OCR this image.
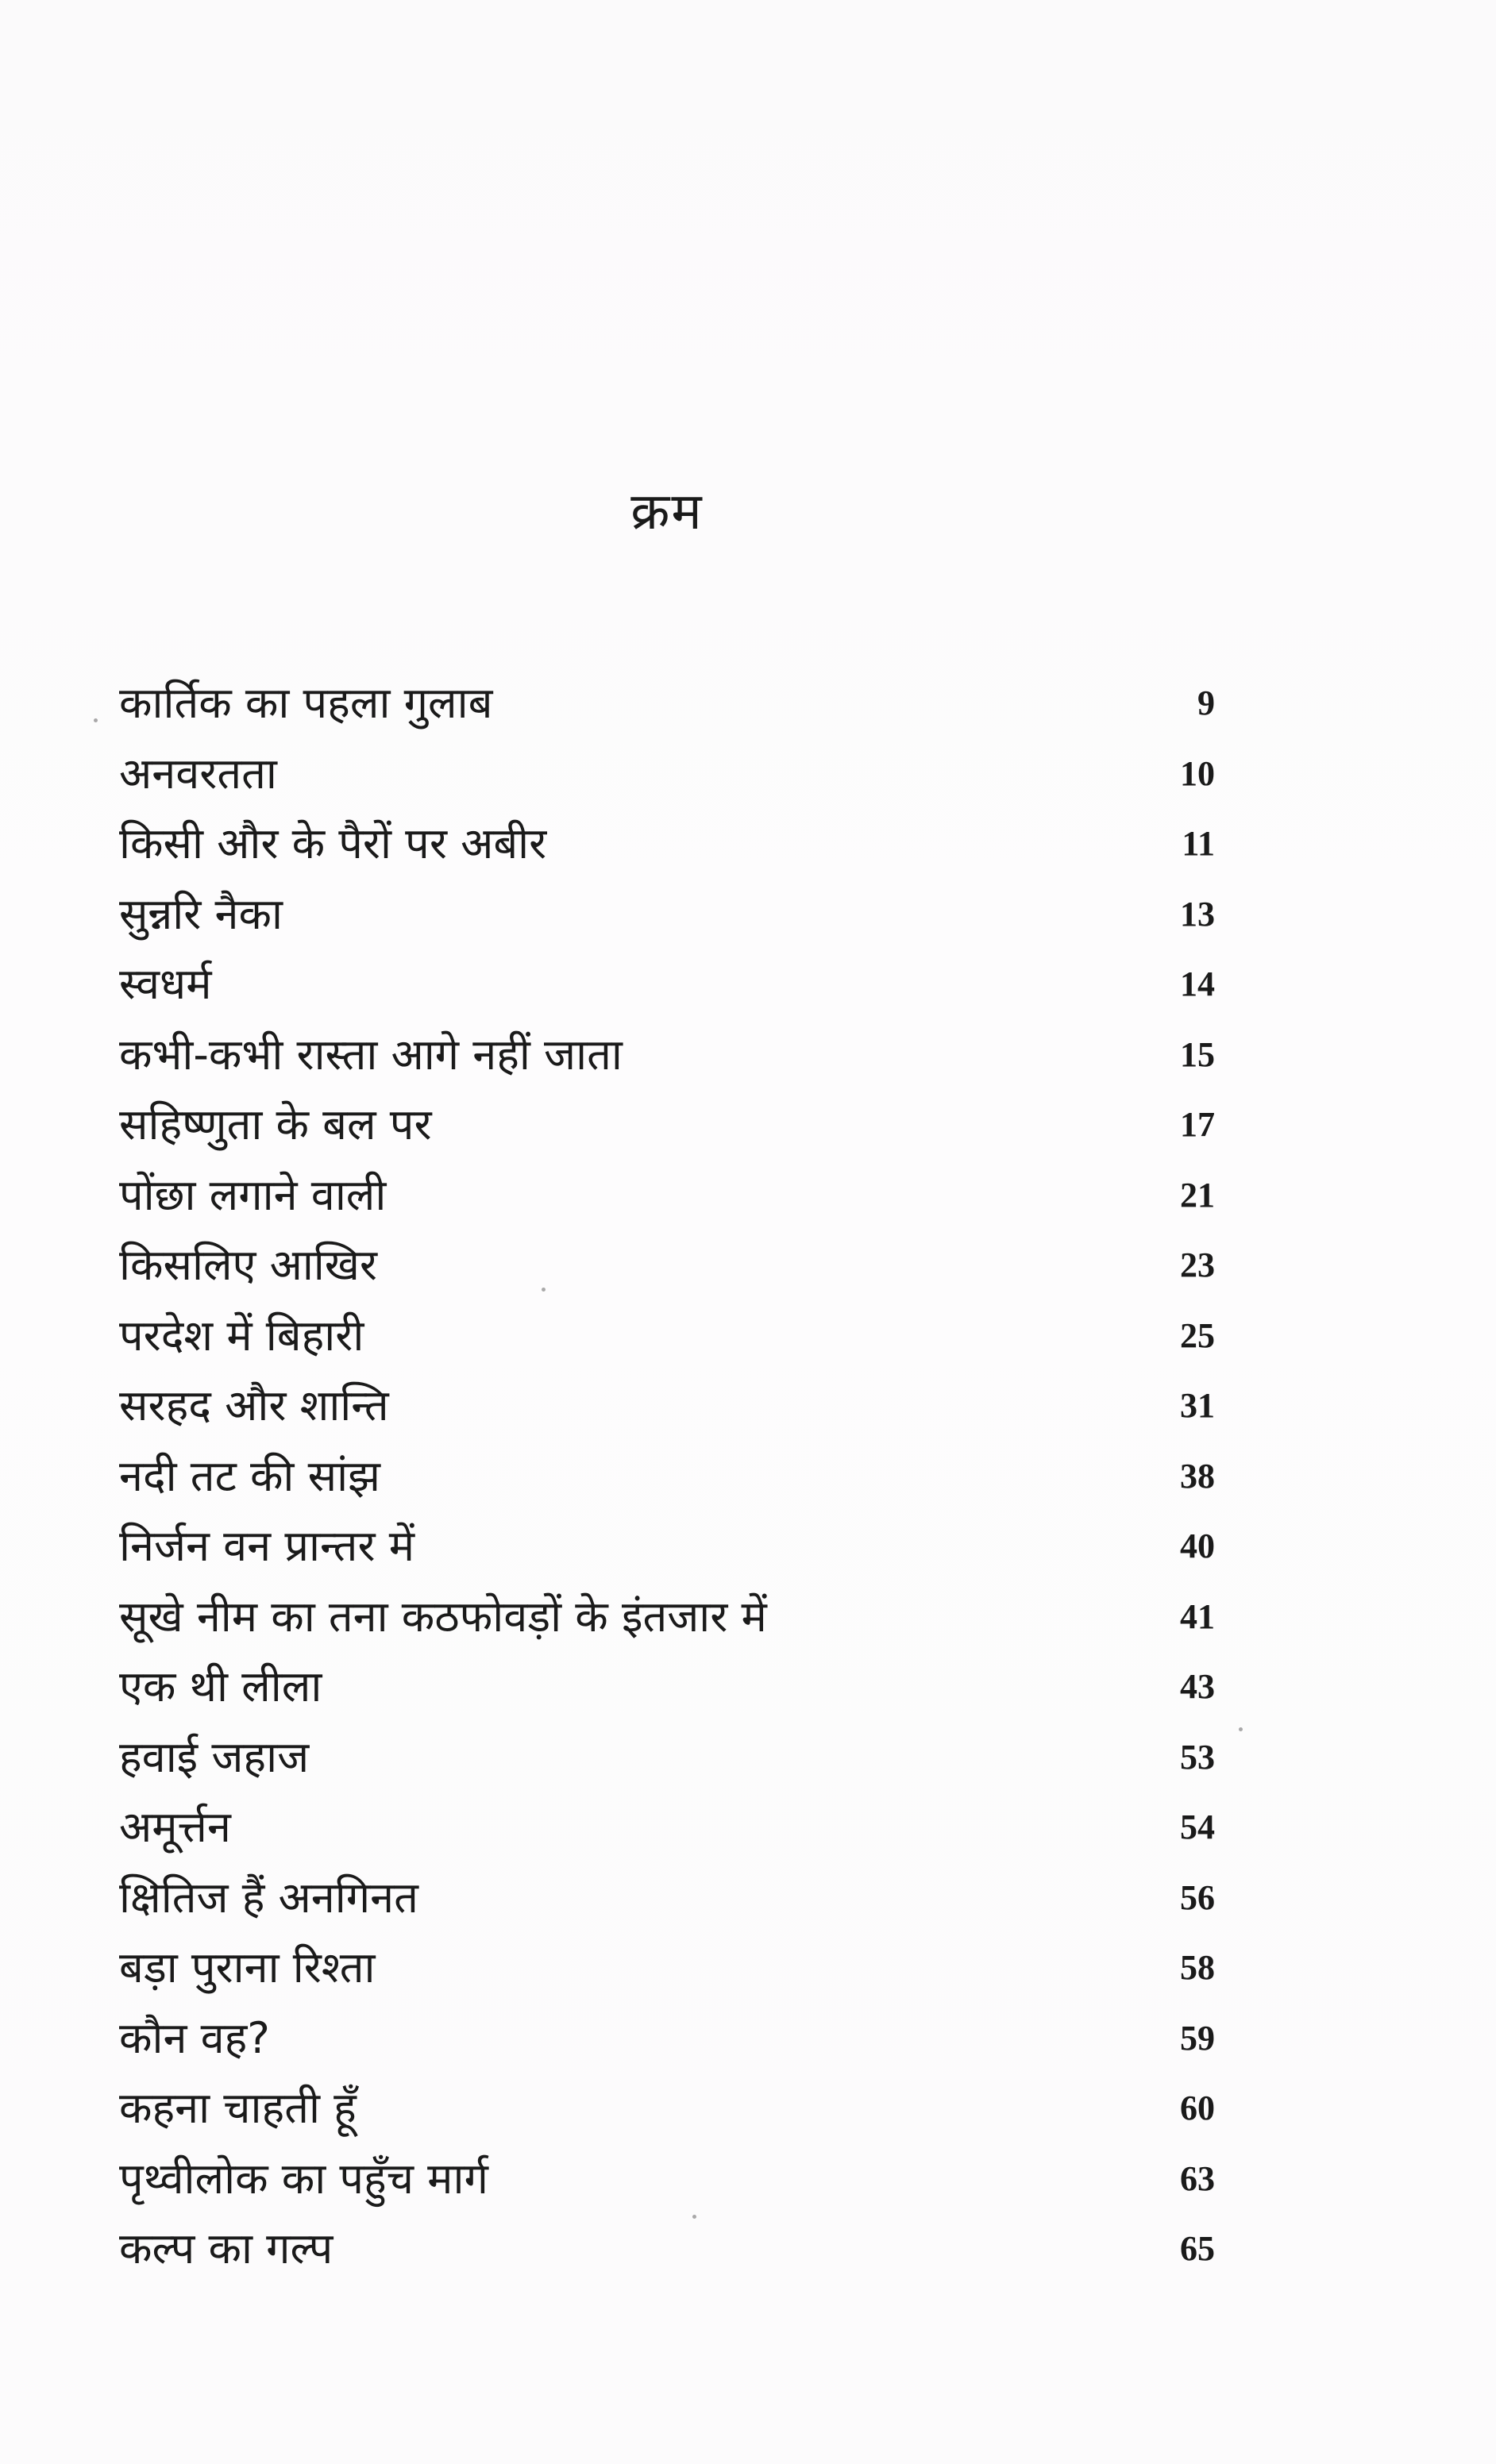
क्रम
कार्तिक का पहला गुलाब	9
अनवरतता	10
किसी और के पैरों पर अबीर	11
सुन्नरि नैका	13
स्वधर्म	14
कभी-कभी रास्ता आगे नहीं जाता	15
सहिष्णुता के बल पर	17
पोंछा लगाने वाली	21
किसलिए आखिर	23
परदेश में बिहारी	25
सरहद और शान्ति	31
नदी तट की सांझ	38
निर्जन वन प्रान्तर में	40
सूखे नीम का तना कठफोवड़ों के इंतजार में	41
एक थी लीला	43
हवाई जहाज	53
अमूर्त्तन	54
क्षितिज हैं अनगिनत	56
बड़ा पुराना रिश्ता	58
कौन वह?	59
कहना चाहती हूँ	60
पृथ्वीलोक का पहुँच मार्ग	63
कल्प का गल्प	65
